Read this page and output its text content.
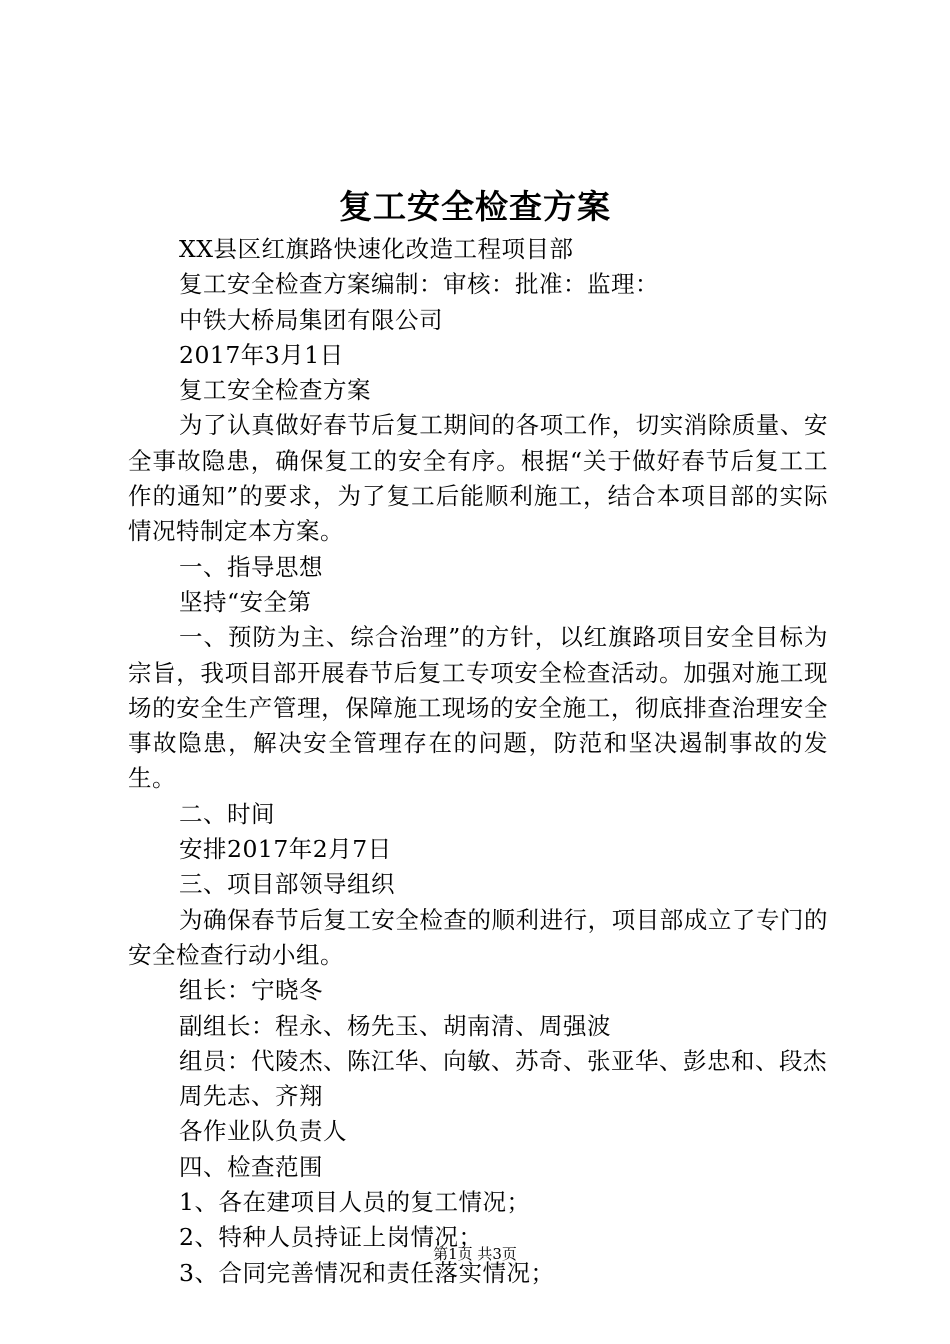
复工安全检查方案

XX县区红旗路快速化改造工程项目部

复工安全检查方案编制：审核：批准：监理：

中铁大桥局集团有限公司

2017年3月1日

复工安全检查方案

为了认真做好春节后复工期间的各项工作，切实消除质量、安全事故隐患，确保复工的安全有序。根据“关于做好春节后复工工作的通知”的要求，为了复工后能顺利施工，结合本项目部的实际情况特制定本方案。

一、指导思想

坚持“安全第

一、预防为主、综合治理”的方针，以红旗路项目安全目标为宗旨，我项目部开展春节后复工专项安全检查活动。加强对施工现场的安全生产管理，保障施工现场的安全施工，彻底排查治理安全事故隐患，解决安全管理存在的问题，防范和坚决遏制事故的发生。

二、时间

安排2017年2月7日

三、项目部领导组织

为确保春节后复工安全检查的顺利进行，项目部成立了专门的安全检查行动小组。

组长：宁晓冬

副组长：程永、杨先玉、胡南清、周强波

组员：代陵杰、陈江华、向敏、苏奇、张亚华、彭忠和、段杰

周先志、齐翔

各作业队负责人

四、检查范围

1、各在建项目人员的复工情况；

2、特种人员持证上岗情况；

3、合同完善情况和责任落实情况；

第1页 共3页
